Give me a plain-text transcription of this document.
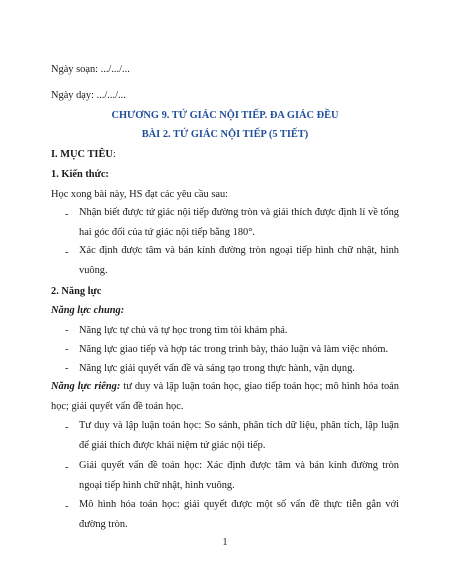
Ngày soạn: .../.../...
Ngày dạy: .../.../...
CHƯƠNG 9. TỨ GIÁC NỘI TIẾP. ĐA GIÁC ĐỀU
BÀI 2. TỨ GIÁC NỘI TIẾP (5 TIẾT)
I. MỤC TIÊU:
1. Kiến thức:
Học xong bài này, HS đạt các yêu cầu sau:
- Nhận biết được tứ giác nội tiếp đường tròn và giải thích được định lí về tổng hai góc đối của tứ giác nội tiếp bằng 180°.
- Xác định được tâm và bán kính đường tròn ngoại tiếp hình chữ nhật, hình vuông.
2. Năng lực
Năng lực chung:
- Năng lực tự chủ và tự học trong tìm tòi khám phá.
- Năng lực giao tiếp và hợp tác trong trình bày, thảo luận và làm việc nhóm.
- Năng lực giải quyết vấn đề và sáng tạo trong thực hành, vận dụng.
Năng lực riêng: tư duy và lập luận toán học, giao tiếp toán học; mô hình hóa toán học; giải quyết vấn đề toán học.
- Tư duy và lập luận toán học: So sánh, phân tích dữ liệu, phân tích, lập luận để giải thích được khái niệm tứ giác nội tiếp.
- Giải quyết vấn đề toán học: Xác định được tâm và bán kính đường tròn ngoại tiếp hình chữ nhật, hình vuông.
- Mô hình hóa toán học: giải quyết được một số vấn đề thực tiễn gắn với đường tròn.
1
